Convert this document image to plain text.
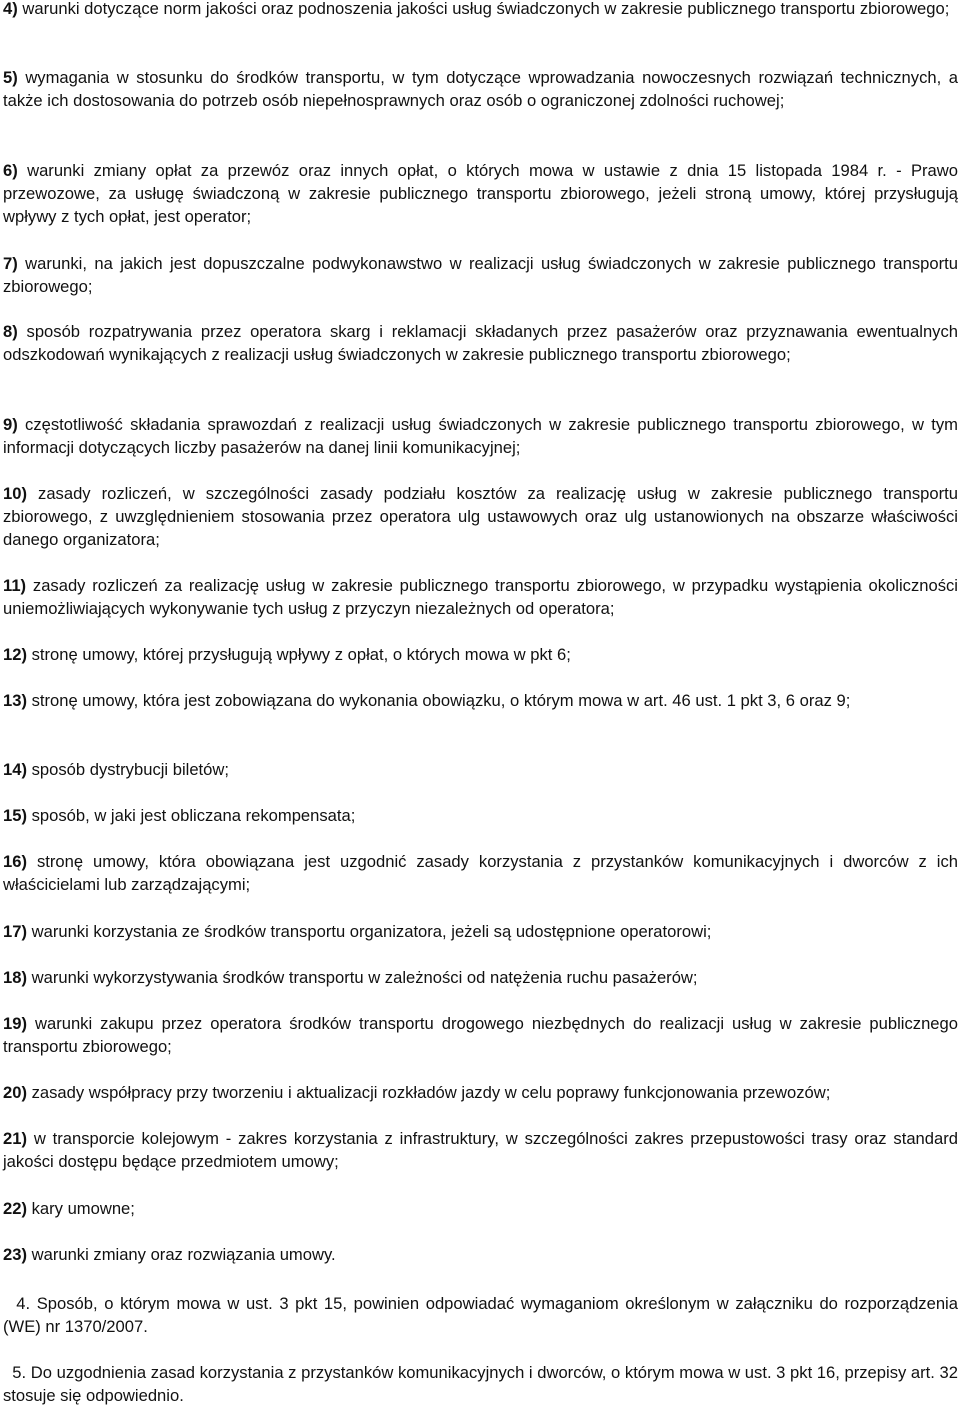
4) warunki dotyczące norm jakości oraz podnoszenia jakości usług świadczonych w zakresie publicznego transportu zbiorowego;
5) wymagania w stosunku do środków transportu, w tym dotyczące wprowadzania nowoczesnych rozwiązań technicznych, a także ich dostosowania do potrzeb osób niepełnosprawnych oraz osób o ograniczonej zdolności ruchowej;
6) warunki zmiany opłat za przewóz oraz innych opłat, o których mowa w ustawie z dnia 15 listopada 1984 r. - Prawo przewozowe, za usługę świadczoną w zakresie publicznego transportu zbiorowego, jeżeli stroną umowy, której przysługują wpływy z tych opłat, jest operator;
7) warunki, na jakich jest dopuszczalne podwykonawstwo w realizacji usług świadczonych w zakresie publicznego transportu zbiorowego;
8) sposób rozpatrywania przez operatora skarg i reklamacji składanych przez pasażerów oraz przyznawania ewentualnych odszkodowań wynikających z realizacji usług świadczonych w zakresie publicznego transportu zbiorowego;
9) częstotliwość składania sprawozdań z realizacji usług świadczonych w zakresie publicznego transportu zbiorowego, w tym informacji dotyczących liczby pasażerów na danej linii komunikacyjnej;
10) zasady rozliczeń, w szczególności zasady podziału kosztów za realizację usług w zakresie publicznego transportu zbiorowego, z uwzględnieniem stosowania przez operatora ulg ustawowych oraz ulg ustanowionych na obszarze właściwości danego organizatora;
11) zasady rozliczeń za realizację usług w zakresie publicznego transportu zbiorowego, w przypadku wystąpienia okoliczności uniemożliwiających wykonywanie tych usług z przyczyn niezależnych od operatora;
12) stronę umowy, której przysługują wpływy z opłat, o których mowa w pkt 6;
13) stronę umowy, która jest zobowiązana do wykonania obowiązku, o którym mowa w art. 46 ust. 1 pkt 3, 6 oraz 9;
14) sposób dystrybucji biletów;
15) sposób, w jaki jest obliczana rekompensata;
16) stronę umowy, która obowiązana jest uzgodnić zasady korzystania z przystanków komunikacyjnych i dworców z ich właścicielami lub zarządzającymi;
17) warunki korzystania ze środków transportu organizatora, jeżeli są udostępnione operatorowi;
18) warunki wykorzystywania środków transportu w zależności od natężenia ruchu pasażerów;
19) warunki zakupu przez operatora środków transportu drogowego niezbędnych do realizacji usług w zakresie publicznego transportu zbiorowego;
20) zasady współpracy przy tworzeniu i aktualizacji rozkładów jazdy w celu poprawy funkcjonowania przewozów;
21) w transporcie kolejowym - zakres korzystania z infrastruktury, w szczególności zakres przepustowości trasy oraz standard jakości dostępu będące przedmiotem umowy;
22) kary umowne;
23) warunki zmiany oraz rozwiązania umowy.
4. Sposób, o którym mowa w ust. 3 pkt 15, powinien odpowiadać wymaganiom określonym w załączniku do rozporządzenia (WE) nr 1370/2007.
5. Do uzgodnienia zasad korzystania z przystanków komunikacyjnych i dworców, o którym mowa w ust. 3 pkt 16, przepisy art. 32 stosuje się odpowiednio.
